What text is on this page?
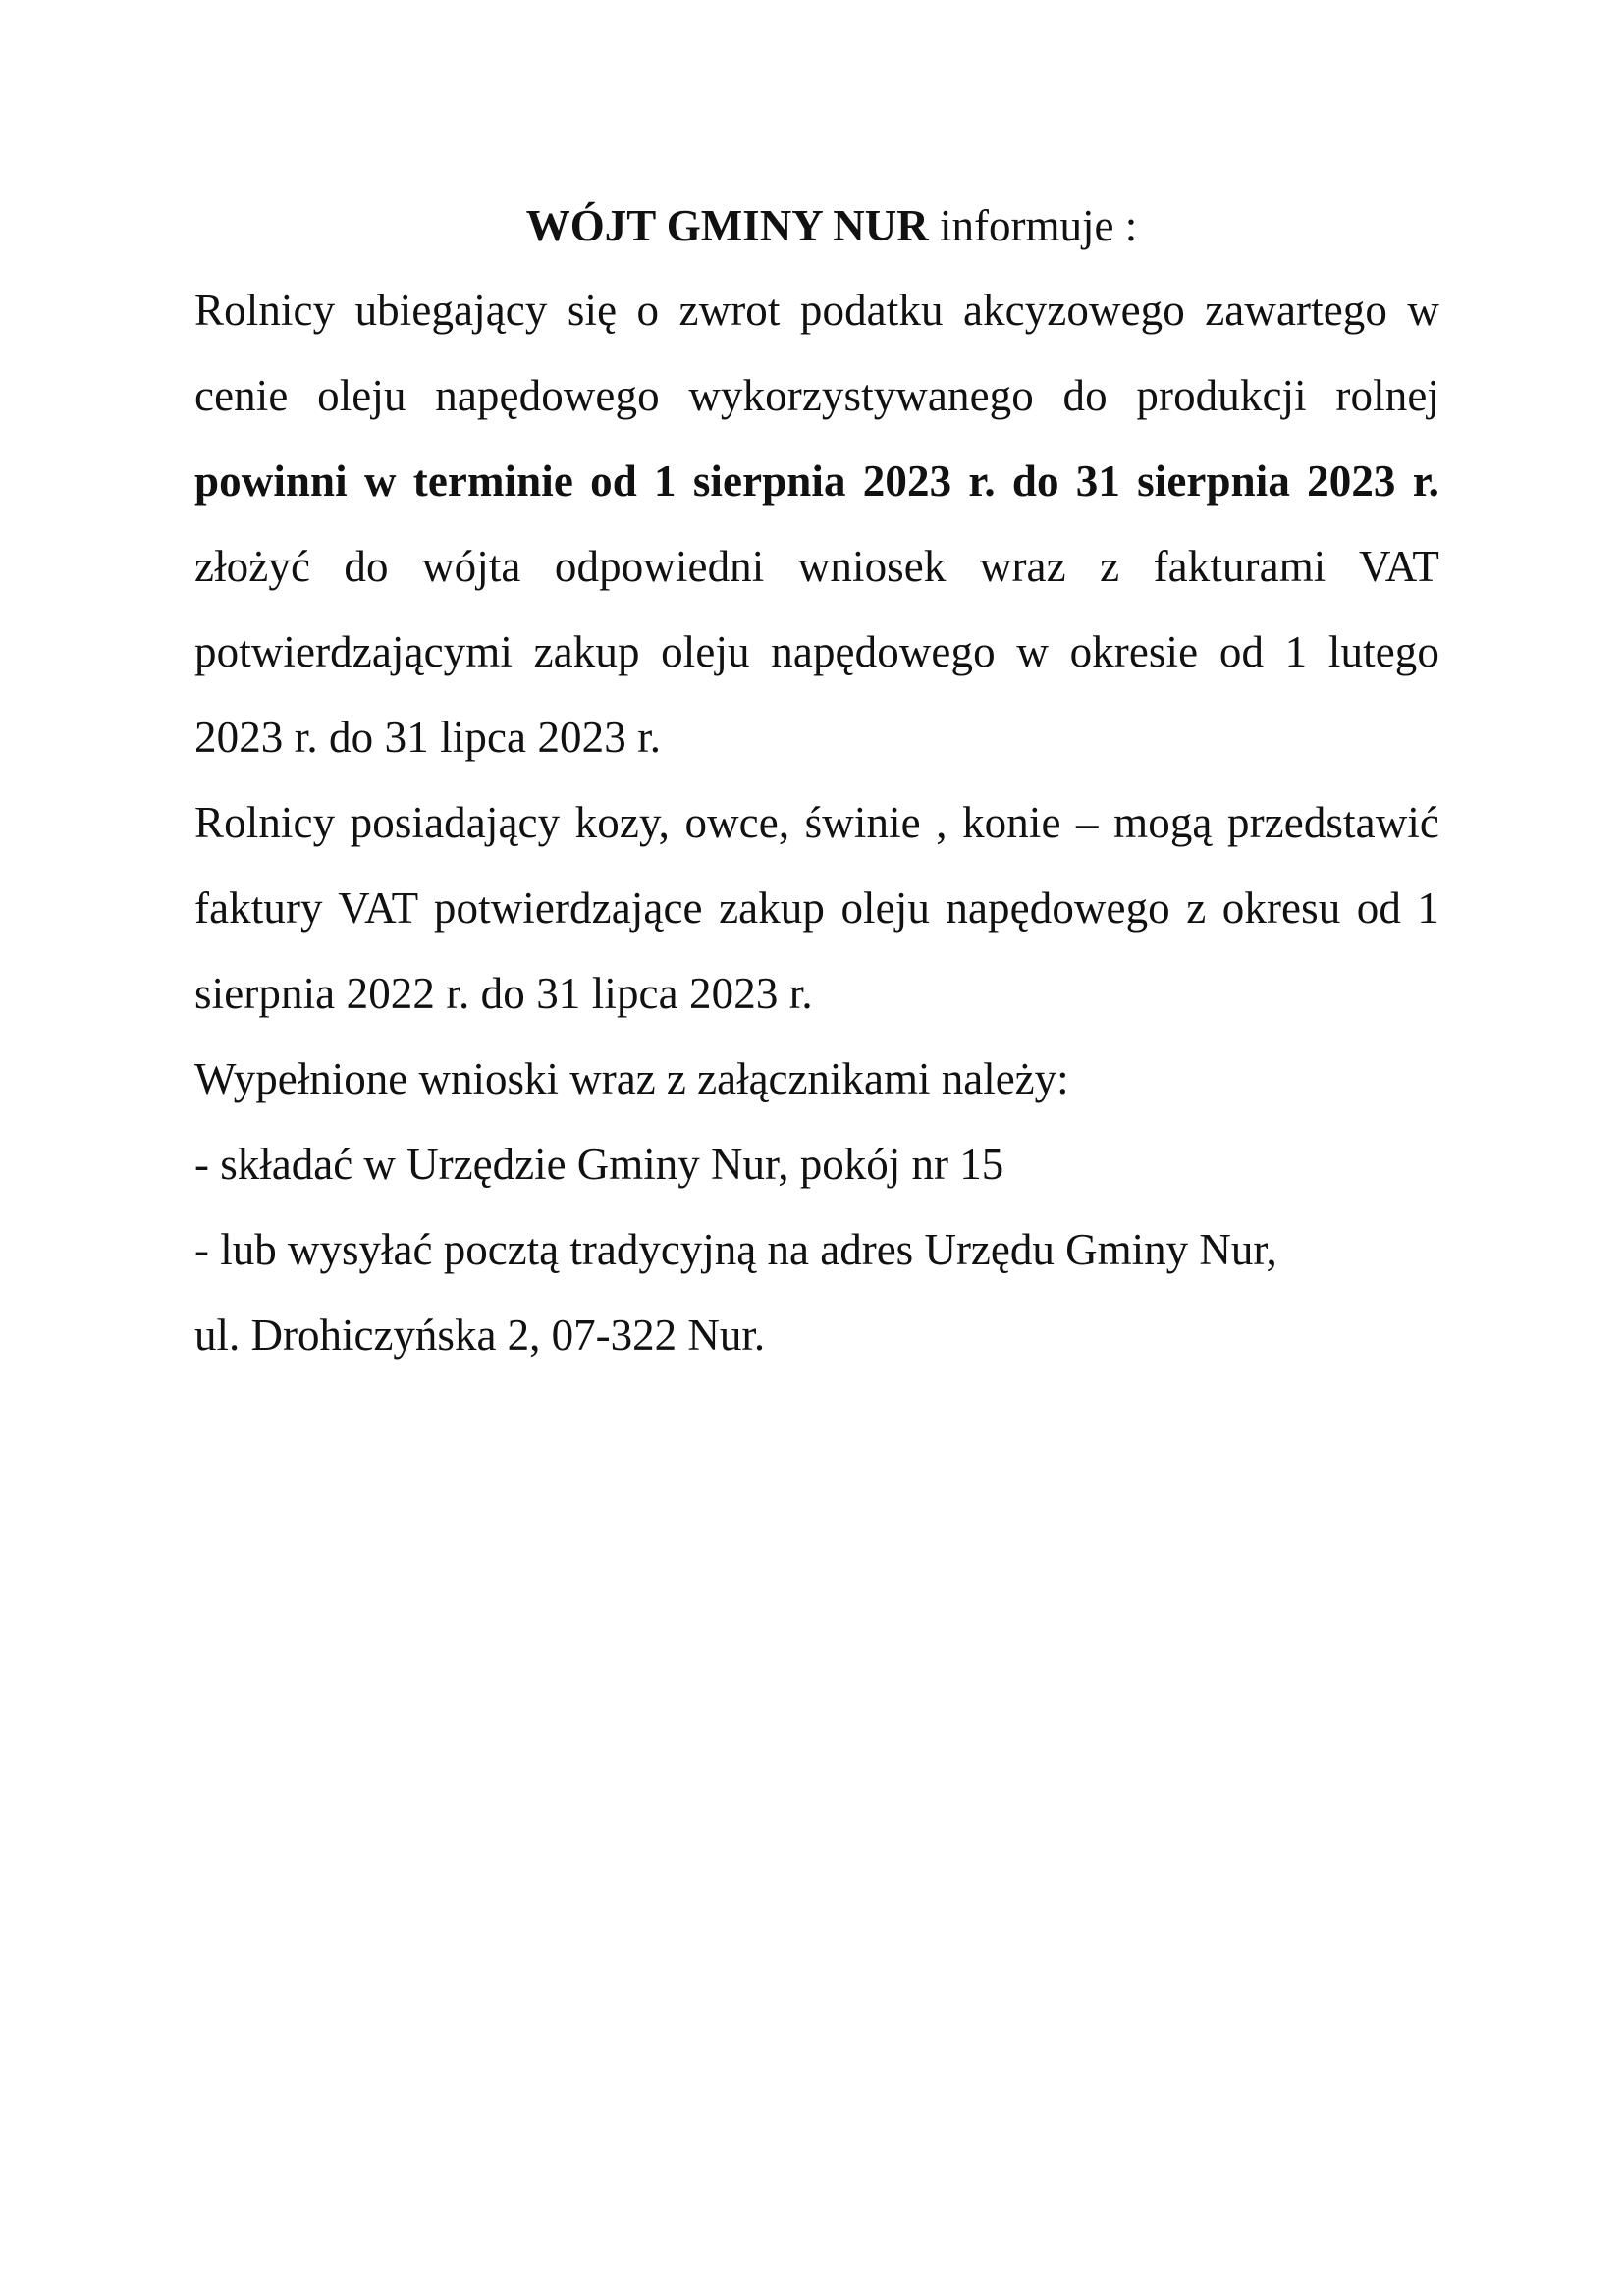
WÓJT GMINY NUR informuje :

Rolnicy ubiegający się o zwrot podatku akcyzowego zawartego w cenie oleju napędowego wykorzystywanego do produkcji rolnej powinni w terminie od 1 sierpnia 2023 r. do 31 sierpnia 2023 r. złożyć do wójta odpowiedni wniosek wraz z fakturami VAT potwierdzającymi zakup oleju napędowego w okresie od 1 lutego 2023 r. do 31 lipca 2023 r.

Rolnicy posiadający kozy, owce, świnie , konie – mogą przedstawić faktury VAT potwierdzające zakup oleju napędowego z okresu od 1 sierpnia 2022 r. do 31 lipca 2023 r.

Wypełnione wnioski wraz z załącznikami należy:

- składać w Urzędzie Gminy Nur, pokój nr 15

- lub wysyłać pocztą tradycyjną na adres Urzędu Gminy Nur,

ul. Drohiczyńska 2, 07-322 Nur.
